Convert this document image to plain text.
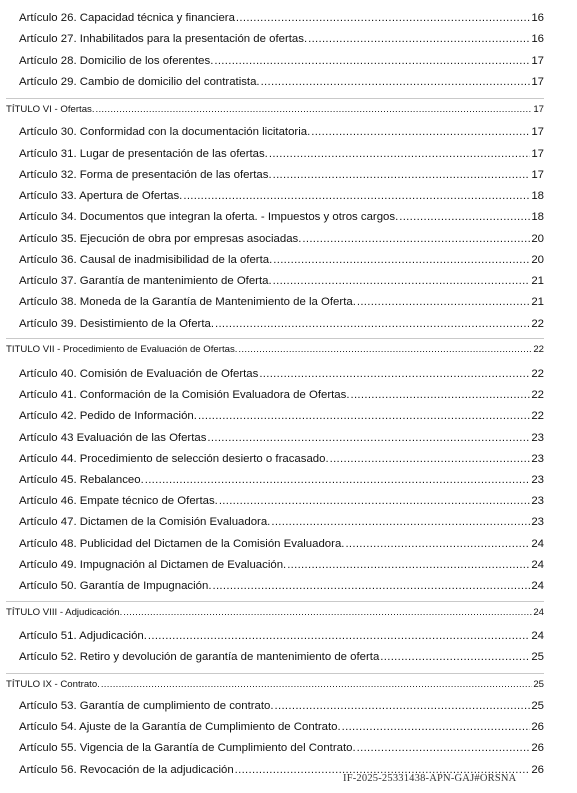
Artículo 26. Capacidad técnica y financiera .....	16
Artículo 27. Inhabilitados para la presentación de ofertas. .....	16
Artículo 28. Domicilio de los oferentes. .....	17
Artículo 29. Cambio de domicilio del contratista. .....	17
TÍTULO VI - Ofertas. .....	17
Artículo 30. Conformidad con la documentación licitatoria. .....	17
Artículo 31. Lugar de presentación de las ofertas. .....	17
Artículo 32. Forma de presentación de las ofertas. .....	17
Artículo 33. Apertura de Ofertas. .....	18
Artículo 34. Documentos que integran la oferta. - Impuestos y otros cargos. .....	18
Artículo 35. Ejecución de obra por empresas asociadas. .....	20
Artículo 36. Causal de inadmisibilidad de la oferta. .....	20
Artículo 37. Garantía de mantenimiento de Oferta. .....	21
Artículo 38. Moneda de la Garantía de Mantenimiento de la Oferta. .....	21
Artículo 39. Desistimiento de la Oferta. .....	22
TITULO VII - Procedimiento de Evaluación de Ofertas. .....	22
Artículo 40. Comisión de Evaluación de Ofertas .....	22
Artículo 41. Conformación de la Comisión Evaluadora de Ofertas. .....	22
Artículo 42. Pedido de Información. .....	22
Artículo 43 Evaluación de las Ofertas .....	23
Artículo 44. Procedimiento de selección desierto o fracasado. .....	23
Artículo 45. Rebalanceo. .....	23
Artículo 46. Empate técnico de Ofertas. .....	23
Artículo 47. Dictamen de la Comisión Evaluadora. .....	23
Artículo 48. Publicidad del Dictamen de la Comisión Evaluadora. .....	24
Artículo 49. Impugnación al Dictamen de Evaluación. .....	24
Artículo 50. Garantía de Impugnación. .....	24
TÍTULO VIII - Adjudicación. .....	24
Artículo 51. Adjudicación. .....	24
Artículo 52. Retiro y devolución de garantía de mantenimiento de oferta .....	25
TÍTULO IX - Contrato. .....	25
Artículo 53. Garantía de cumplimiento de contrato. .....	25
Artículo 54. Ajuste de la Garantía de Cumplimiento de Contrato. .....	26
Artículo 55. Vigencia de la Garantía de Cumplimiento del Contrato. .....	26
Artículo 56. Revocación de la adjudicación .....	26
IF-2025-25331438-APN-GAJ#ORSNA
